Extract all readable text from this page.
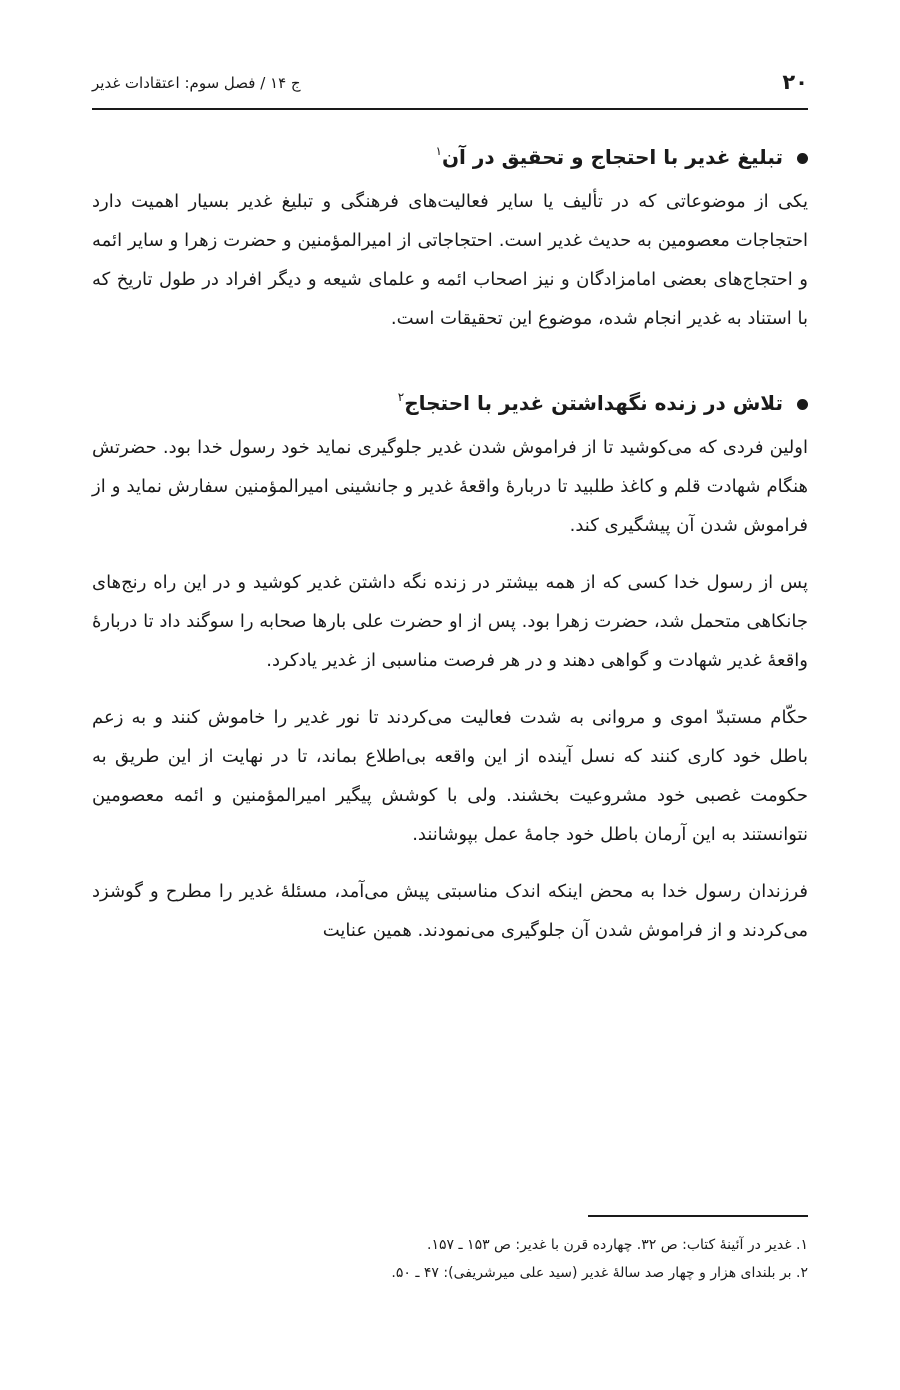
۲۰
ج ۱۴ / فصل سوم: اعتقادات غدیر
تبلیغ غدیر با احتجاج و تحقیق در آن$^۱$

یکی از موضوعاتی که در تألیف یا سایر فعالیت‌های فرهنگی و تبلیغ غدیر بسیار اهمیت دارد احتجاجات معصومین به حدیث غدیر است. احتجاجاتی از امیرالمؤمنین و حضرت زهرا و سایر ائمه و احتجاج‌های بعضی امامزادگان و نیز اصحاب ائمه و علمای شیعه و دیگر افراد در طول تاریخ که با استناد به غدیر انجام شده، موضوع این تحقیقات است.

تلاش در زنده نگهداشتن غدیر با احتجاج$^۲$

اولین فردی که می‌کوشید تا از فراموش شدن غدیر جلوگیری نماید خود رسول خدا بود. حضرتش هنگام شهادت قلم و کاغذ طلبید تا دربارهٔ واقعهٔ غدیر و جانشینی امیرالمؤمنین سفارش نماید و از فراموش شدن آن پیشگیری کند.

پس از رسول خدا کسی که از همه بیشتر در زنده نگه داشتن غدیر کوشید و در این راه رنج‌های جانکاهی متحمل شد، حضرت زهرا بود. پس از او حضرت علی بارها صحابه را سوگند داد تا دربارهٔ واقعهٔ غدیر شهادت و گواهی دهند و در هر فرصت مناسبی از غدیر یادکرد.

حکّام مستبدّ اموی و مروانی به شدت فعالیت می‌کردند تا نور غدیر را خاموش کنند و به زعم باطل خود کاری کنند که نسل آینده از این واقعه بی‌اطلاع بماند، تا در نهایت از این طریق به حکومت غصبی خود مشروعیت بخشند. ولی با کوشش پیگیر امیرالمؤمنین و ائمه معصومین نتوانستند به این آرمان باطل خود جامهٔ عمل بپوشانند.

فرزندان رسول خدا به محض اینکه اندک مناسبتی پیش می‌آمد، مسئلهٔ غدیر را مطرح و گوشزد می‌کردند و از فراموش شدن آن جلوگیری می‌نمودند. همین عنایت

۱. غدیر در آئینهٔ کتاب: ص ۳۲. چهارده قرن با غدیر: ص ۱۵۳ ـ ۱۵۷.

۲. بر بلندای هزار و چهار صد سالهٔ غدیر (سید علی میرشریفی): ۴۷ ـ ۵۰.
